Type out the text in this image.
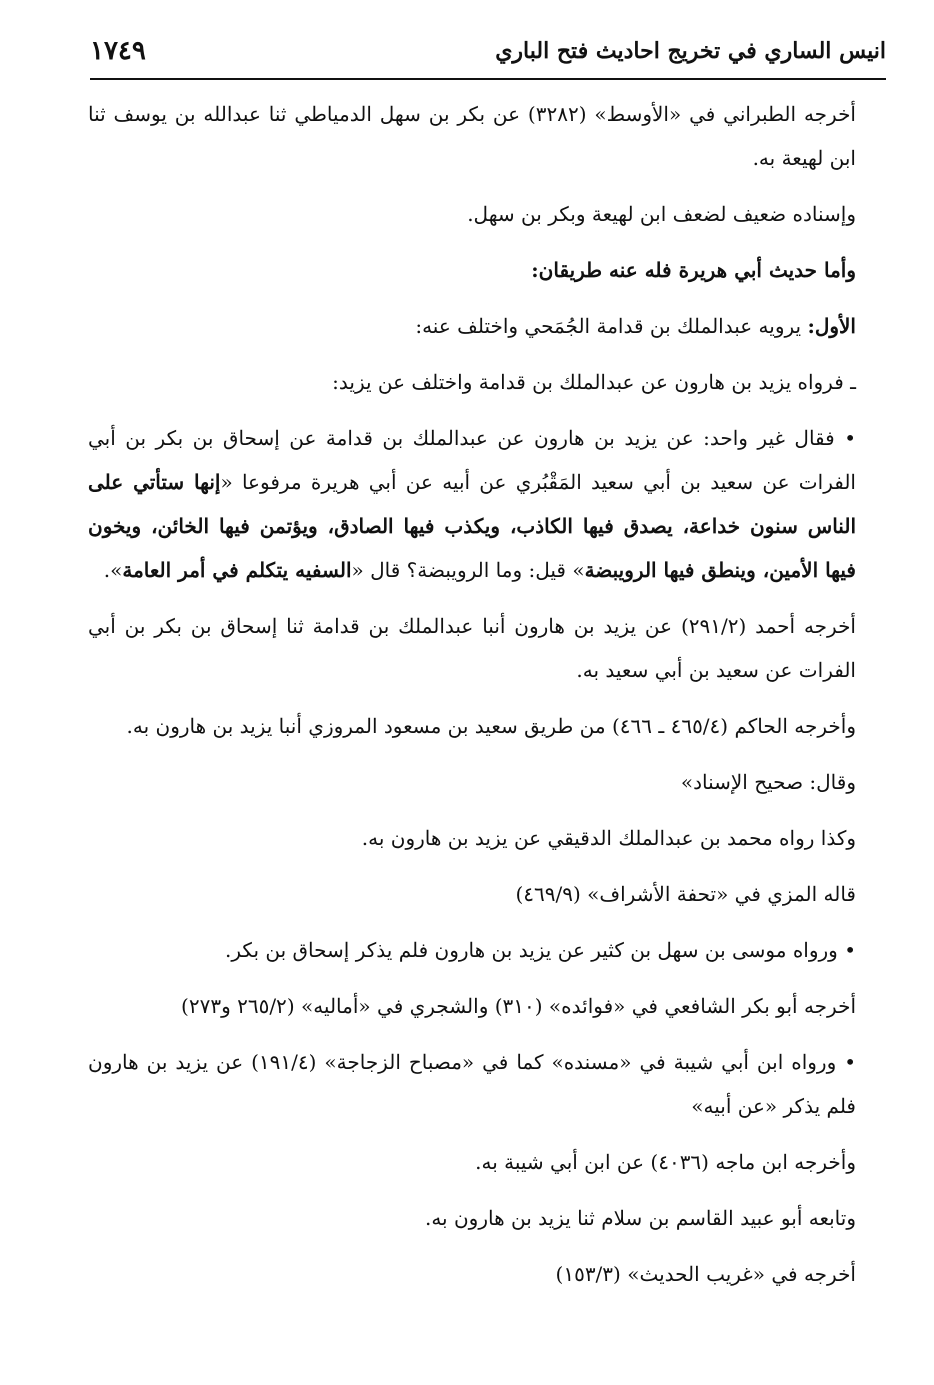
انيس الساري في تخريج احاديث فتح الباري
١٧٤٩

أخرجه الطبراني في «الأوسط» (٣٢٨٢) عن بكر بن سهل الدمياطي ثنا عبدالله بن يوسف ثنا ابن لهيعة به.

وإسناده ضعيف لضعف ابن لهيعة وبكر بن سهل.

وأما حديث أبي هريرة فله عنه طريقان:

الأول: يرويه عبدالملك بن قدامة الجُمَحي واختلف عنه:

ـ فرواه يزيد بن هارون عن عبدالملك بن قدامة واختلف عن يزيد:

• فقال غير واحد: عن يزيد بن هارون عن عبدالملك بن قدامة عن إسحاق بن بكر بن أبي الفرات عن سعيد بن أبي سعيد المَقْبُري عن أبيه عن أبي هريرة مرفوعا «إنها ستأتي على الناس سنون خداعة، يصدق فيها الكاذب، ويكذب فيها الصادق، ويؤتمن فيها الخائن، ويخون فيها الأمين، وينطق فيها الرويبضة» قيل: وما الرويبضة؟ قال «السفيه يتكلم في أمر العامة».

أخرجه أحمد (٢٩١/٢) عن يزيد بن هارون أنبا عبدالملك بن قدامة ثنا إسحاق بن بكر بن أبي الفرات عن سعيد بن أبي سعيد به.

وأخرجه الحاكم (٤٦٥/٤ ـ ٤٦٦) من طريق سعيد بن مسعود المروزي أنبا يزيد بن هارون به.

وقال: صحيح الإسناد»

وكذا رواه محمد بن عبدالملك الدقيقي عن يزيد بن هارون به.

قاله المزي في «تحفة الأشراف» (٤٦٩/٩)

• ورواه موسى بن سهل بن كثير عن يزيد بن هارون فلم يذكر إسحاق بن بكر.

أخرجه أبو بكر الشافعي في «فوائده» (٣١٠) والشجري في «أماليه» (٢٦٥/٢ و٢٧٣)

• ورواه ابن أبي شيبة في «مسنده» كما في «مصباح الزجاجة» (١٩١/٤) عن يزيد بن هارون فلم يذكر «عن أبيه»

وأخرجه ابن ماجه (٤٠٣٦) عن ابن أبي شيبة به.

وتابعه أبو عبيد القاسم بن سلام ثنا يزيد بن هارون به.

أخرجه في «غريب الحديث» (١٥٣/٣)
